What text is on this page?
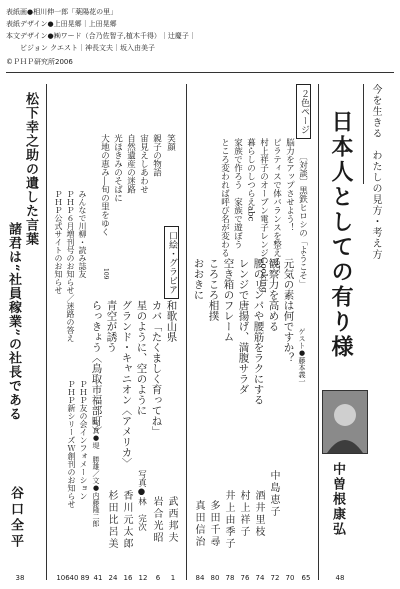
表紙画●相川伸一郎「薬陽花の里」
表紙デザイン●上田晃郷｜上田晃郷
本文デザイン●㈱ワード（合乃佐智子,植木千得）｜辻慶子｜
ビジョン クエスト｜神長文夫｜坂入由美子
©ＰＨＰ研究所2006
今を生きる　わたしの見方・考え方
日本人としての有り様
中曽根康弘
48
２色ページ
〔対談〕黒鉄ヒロシの「ようこそ」
ゲスト●藤本義一
65
脳力をアップさせよう！
ピラティスで体バランスを整える！
村上祥子のオーブン電子レンジCooking
暮らしのしつらえabc
家族で作ろう　家族で遊ぼう
ところ変われば呼び名が変わる
元気の素は何ですか？
70
観察力を高める
中島恵子
72
腰のリンパや腰筋をラクにする
酒井里枝
74
レンジで唐揚げ、満腹サラダ
村上祥子
76
空き箱のフレーム
井上由季子
78
ころころ相撲
多田千尋
80
おおきに
真田信治
84
口絵・グラビア
和歌山県
武西邦夫
1
カバ「たくましく育ってね」
岩合光昭
6
星のように、空のように
写真●林　完次
12
グランド・キャニオン〈アメリカ〉
香川元太郎
16
青空が誘う
杉田比呂美
24
らっきょう〈鳥取市福部町〉
写真●堤　勝雄／文●内藤隆二郎
41
笑顔
親子の物語
宙見えしあわせ
自然遺産の迷路
光ほきみのそばに
大地の恵み―旬の里をゆく
109
みんなで川柳・読み誌友
ＰＨＰ６月増刊号のお知らせ／迷路の答え
ＰＨＰ公式サイトのお知らせ
ＰＨＰ友の会インフォメーション
ＰＨＰ新シリーズＷ創刊のお知らせ
89
40
106
松下幸之助の遺した言葉
諸君は“社員稼業”の社長である
谷口全平
38
